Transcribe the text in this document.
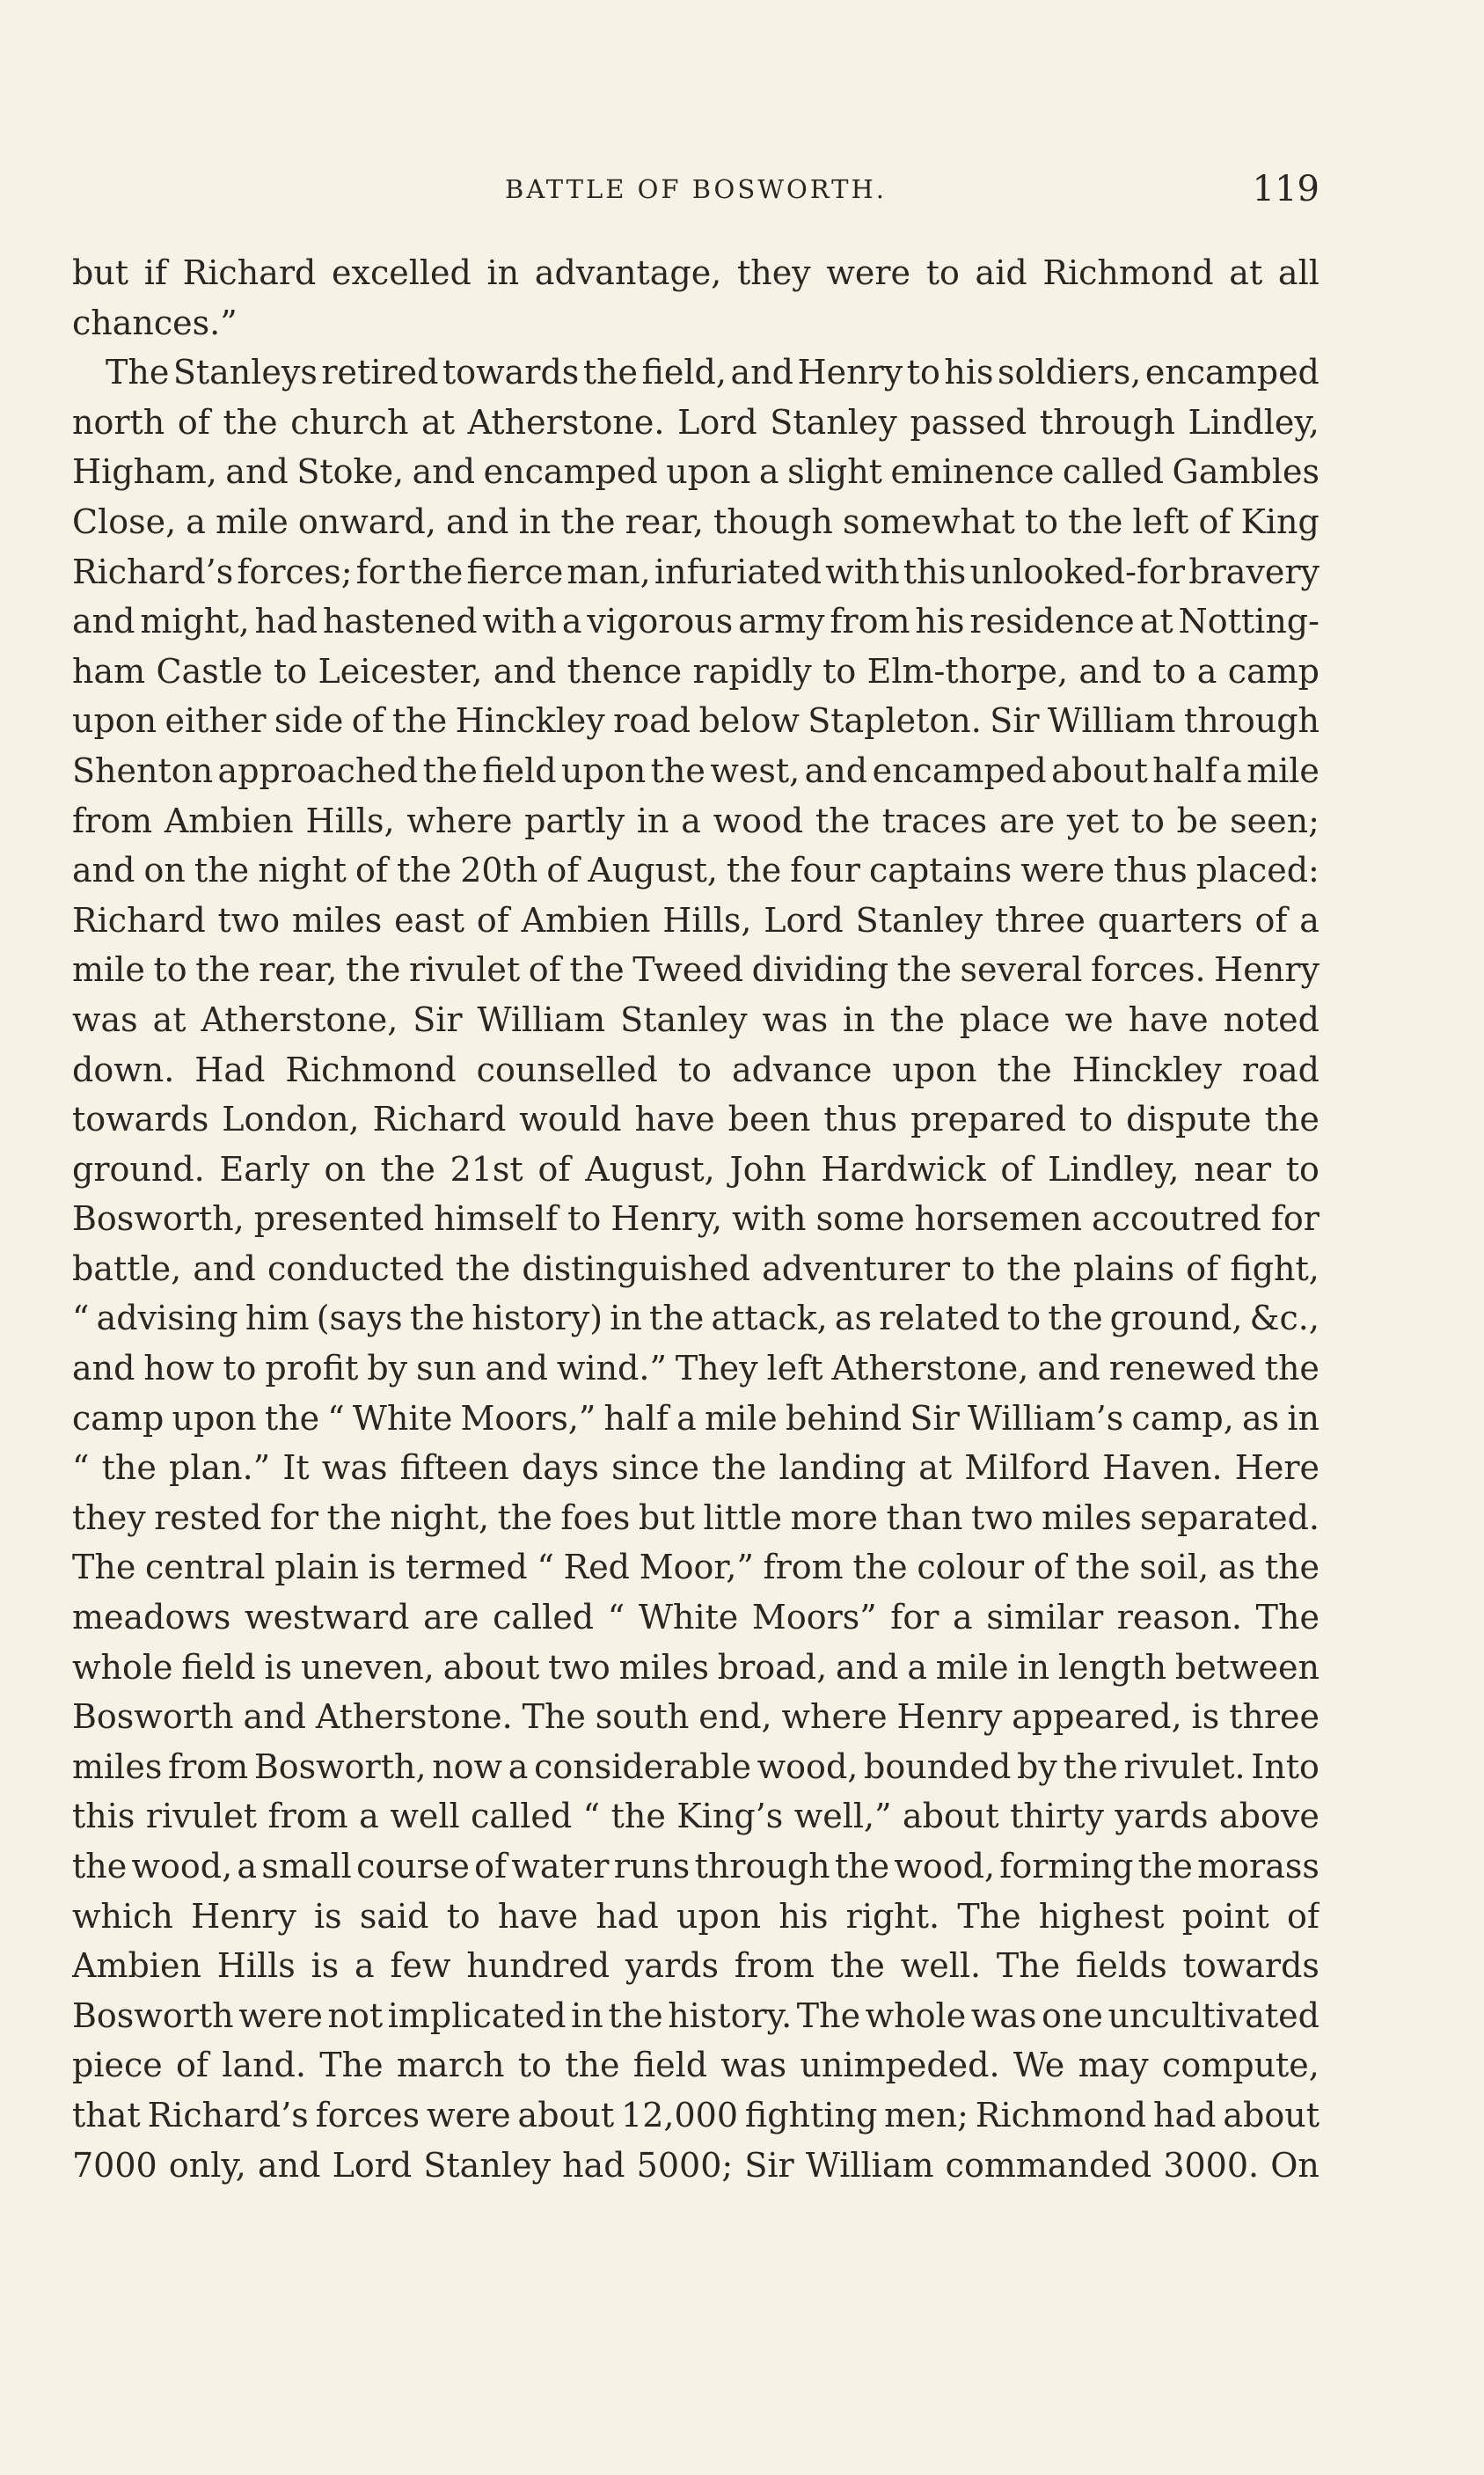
BATTLE OF BOSWORTH.	119
but if Richard excelled in advantage, they were to aid Richmond at all
chances.”
The Stanleys retired towards the field, and Henry to his soldiers, encamped
north of the church at Atherstone. Lord Stanley passed through Lindley,
Higham, and Stoke, and encamped upon a slight eminence called Gambles
Close, a mile onward, and in the rear, though somewhat to the left of King
Richard’s forces; for the fierce man, infuriated with this unlooked-for bravery
and might, had hastened with a vigorous army from his residence at Notting-
ham Castle to Leicester, and thence rapidly to Elm-thorpe, and to a camp
upon either side of the Hinckley road below Stapleton. Sir William through
Shenton approached the field upon the west, and encamped about half a mile
from Ambien Hills, where partly in a wood the traces are yet to be seen;
and on the night of the 20th of August, the four captains were thus placed:
Richard two miles east of Ambien Hills, Lord Stanley three quarters of a
mile to the rear, the rivulet of the Tweed dividing the several forces. Henry
was at Atherstone, Sir William Stanley was in the place we have noted
down. Had Richmond counselled to advance upon the Hinckley road
towards London, Richard would have been thus prepared to dispute the
ground. Early on the 21st of August, John Hardwick of Lindley, near to
Bosworth, presented himself to Henry, with some horsemen accoutred for
battle, and conducted the distinguished adventurer to the plains of fight,
“ advising him (says the history) in the attack, as related to the ground, &c.,
and how to profit by sun and wind.” They left Atherstone, and renewed the
camp upon the “ White Moors,” half a mile behind Sir William’s camp, as in
“ the plan.” It was fifteen days since the landing at Milford Haven. Here
they rested for the night, the foes but little more than two miles separated.
The central plain is termed “ Red Moor,” from the colour of the soil, as the
meadows westward are called “ White Moors” for a similar reason. The
whole field is uneven, about two miles broad, and a mile in length between
Bosworth and Atherstone. The south end, where Henry appeared, is three
miles from Bosworth, now a considerable wood, bounded by the rivulet. Into
this rivulet from a well called “ the King’s well,” about thirty yards above
the wood, a small course of water runs through the wood, forming the morass
which Henry is said to have had upon his right. The highest point of
Ambien Hills is a few hundred yards from the well. The fields towards
Bosworth were not implicated in the history. The whole was one uncultivated
piece of land. The march to the field was unimpeded. We may compute,
that Richard’s forces were about 12,000 fighting men; Richmond had about
7000 only, and Lord Stanley had 5000; Sir William commanded 3000. On
